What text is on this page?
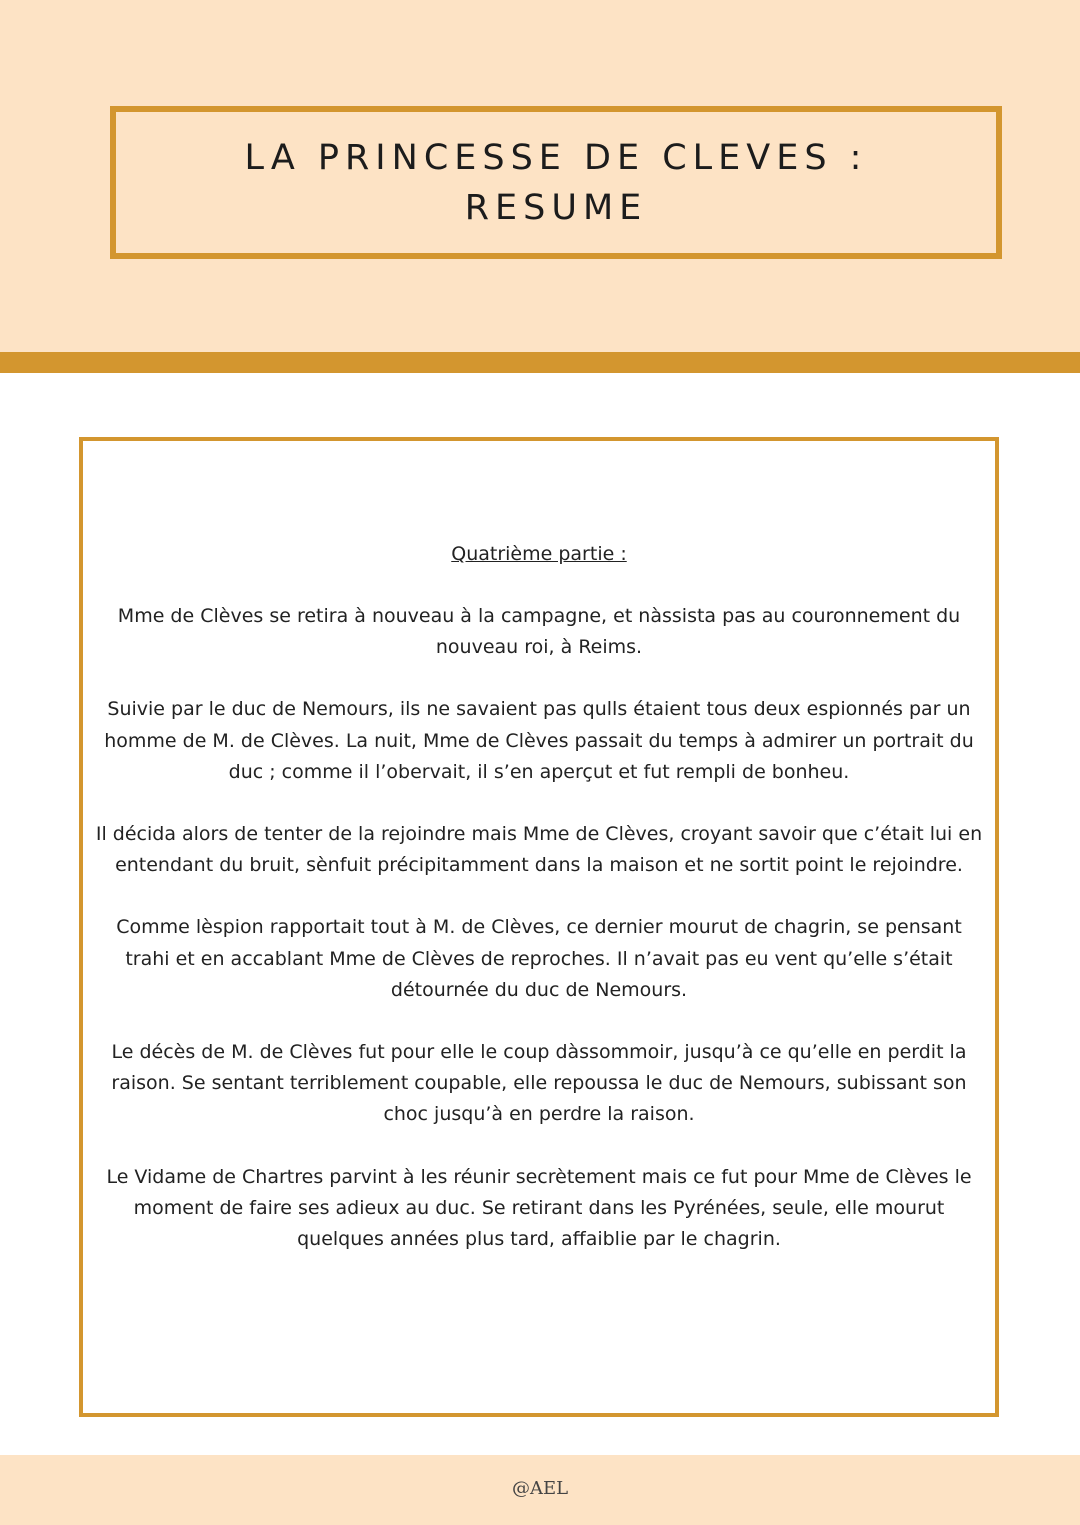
LA PRINCESSE DE CLEVES :
RESUME
Quatrième partie :

Mme de Clèves se retira à nouveau à la campagne, et nàssista pas au couronnement du nouveau roi, à Reims.

Suivie par le duc de Nemours, ils ne savaient pas qulls étaient tous deux espionnés par un homme de M. de Clèves. La nuit, Mme de Clèves passait du temps à admirer un portrait du duc ; comme il l’obervait, il s’en aperçut et fut rempli de bonheu.

Il décida alors de tenter de la rejoindre mais Mme de Clèves, croyant savoir que c’était lui en entendant du bruit, sènfuit précipitamment dans la maison et ne sortit point le rejoindre.

Comme lèspion rapportait tout à M. de Clèves, ce dernier mourut de chagrin, se pensant trahi et en accablant Mme de Clèves de reproches. Il n’avait pas eu vent qu’elle s’était détournée du duc de Nemours.

Le décès de M. de Clèves fut pour elle le coup dàssommoir, jusqu’à ce qu’elle en perdit la raison. Se sentant terriblement coupable, elle repoussa le duc de Nemours, subissant son choc jusqu’à en perdre la raison.

Le Vidame de Chartres parvint à les réunir secrètement mais ce fut pour Mme de Clèves le moment de faire ses adieux au duc. Se retirant dans les Pyrénées, seule, elle mourut quelques années plus tard, affaiblie par le chagrin.

@AEL
